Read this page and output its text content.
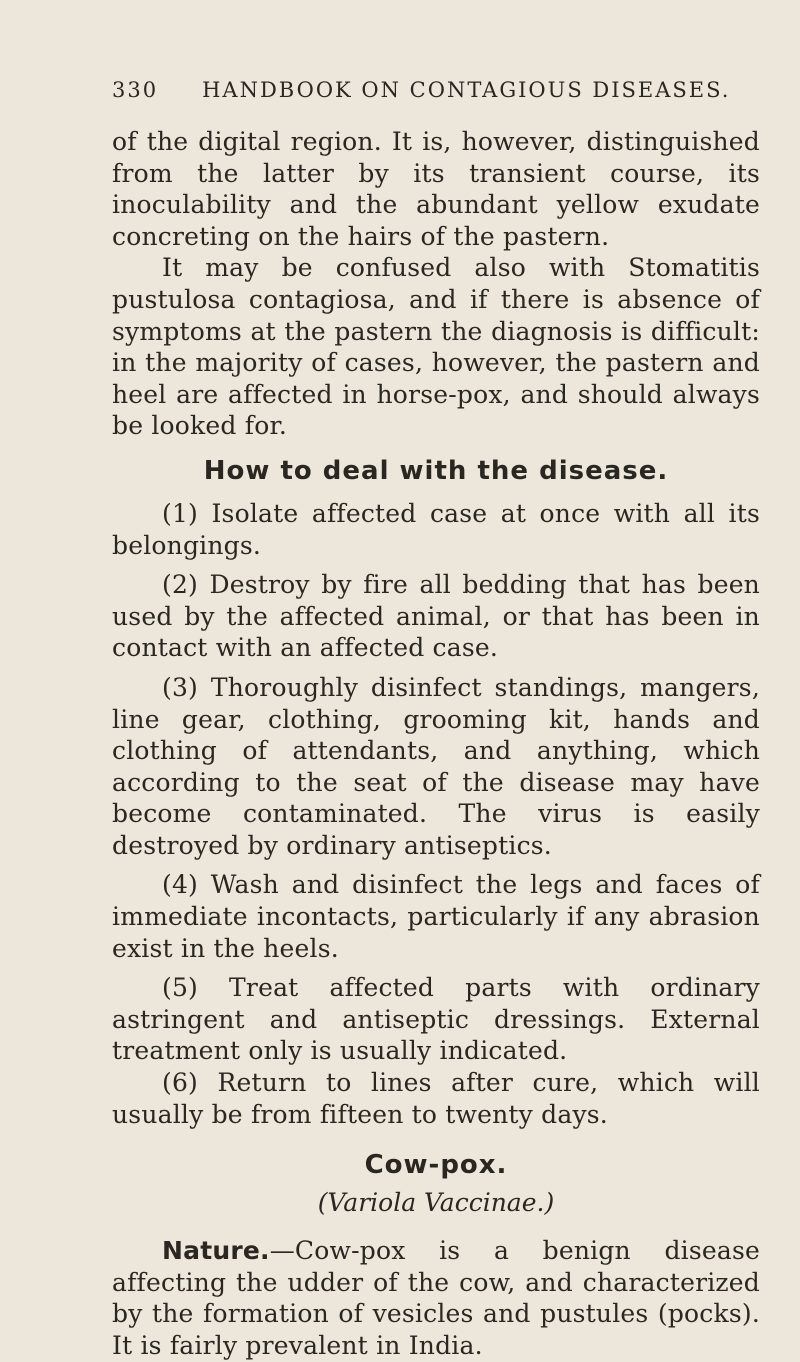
330 HANDBOOK ON CONTAGIOUS DISEASES.

of the digital region. It is, however, distinguished from the latter by its transient course, its inoculability and the abundant yellow exudate concreting on the hairs of the pastern.

It may be confused also with Stomatitis pustulosa contagiosa, and if there is absence of symptoms at the pastern the diagnosis is difficult: in the majority of cases, however, the pastern and heel are affected in horse-pox, and should always be looked for.

How to deal with the disease.

(1) Isolate affected case at once with all its belongings.

(2) Destroy by fire all bedding that has been used by the affected animal, or that has been in contact with an affected case.

(3) Thoroughly disinfect standings, mangers, line gear, clothing, grooming kit, hands and clothing of attendants, and anything, which according to the seat of the disease may have become contaminated. The virus is easily destroyed by ordinary antiseptics.

(4) Wash and disinfect the legs and faces of immediate incontacts, particularly if any abrasion exist in the heels.

(5) Treat affected parts with ordinary astringent and antiseptic dressings. External treatment only is usually indicated.

(6) Return to lines after cure, which will usually be from fifteen to twenty days.

Cow-pox.
(Variola Vaccinae.)

Nature.—Cow-pox is a benign disease affecting the udder of the cow, and characterized by the formation of vesicles and pustules (pocks). It is fairly prevalent in India.
